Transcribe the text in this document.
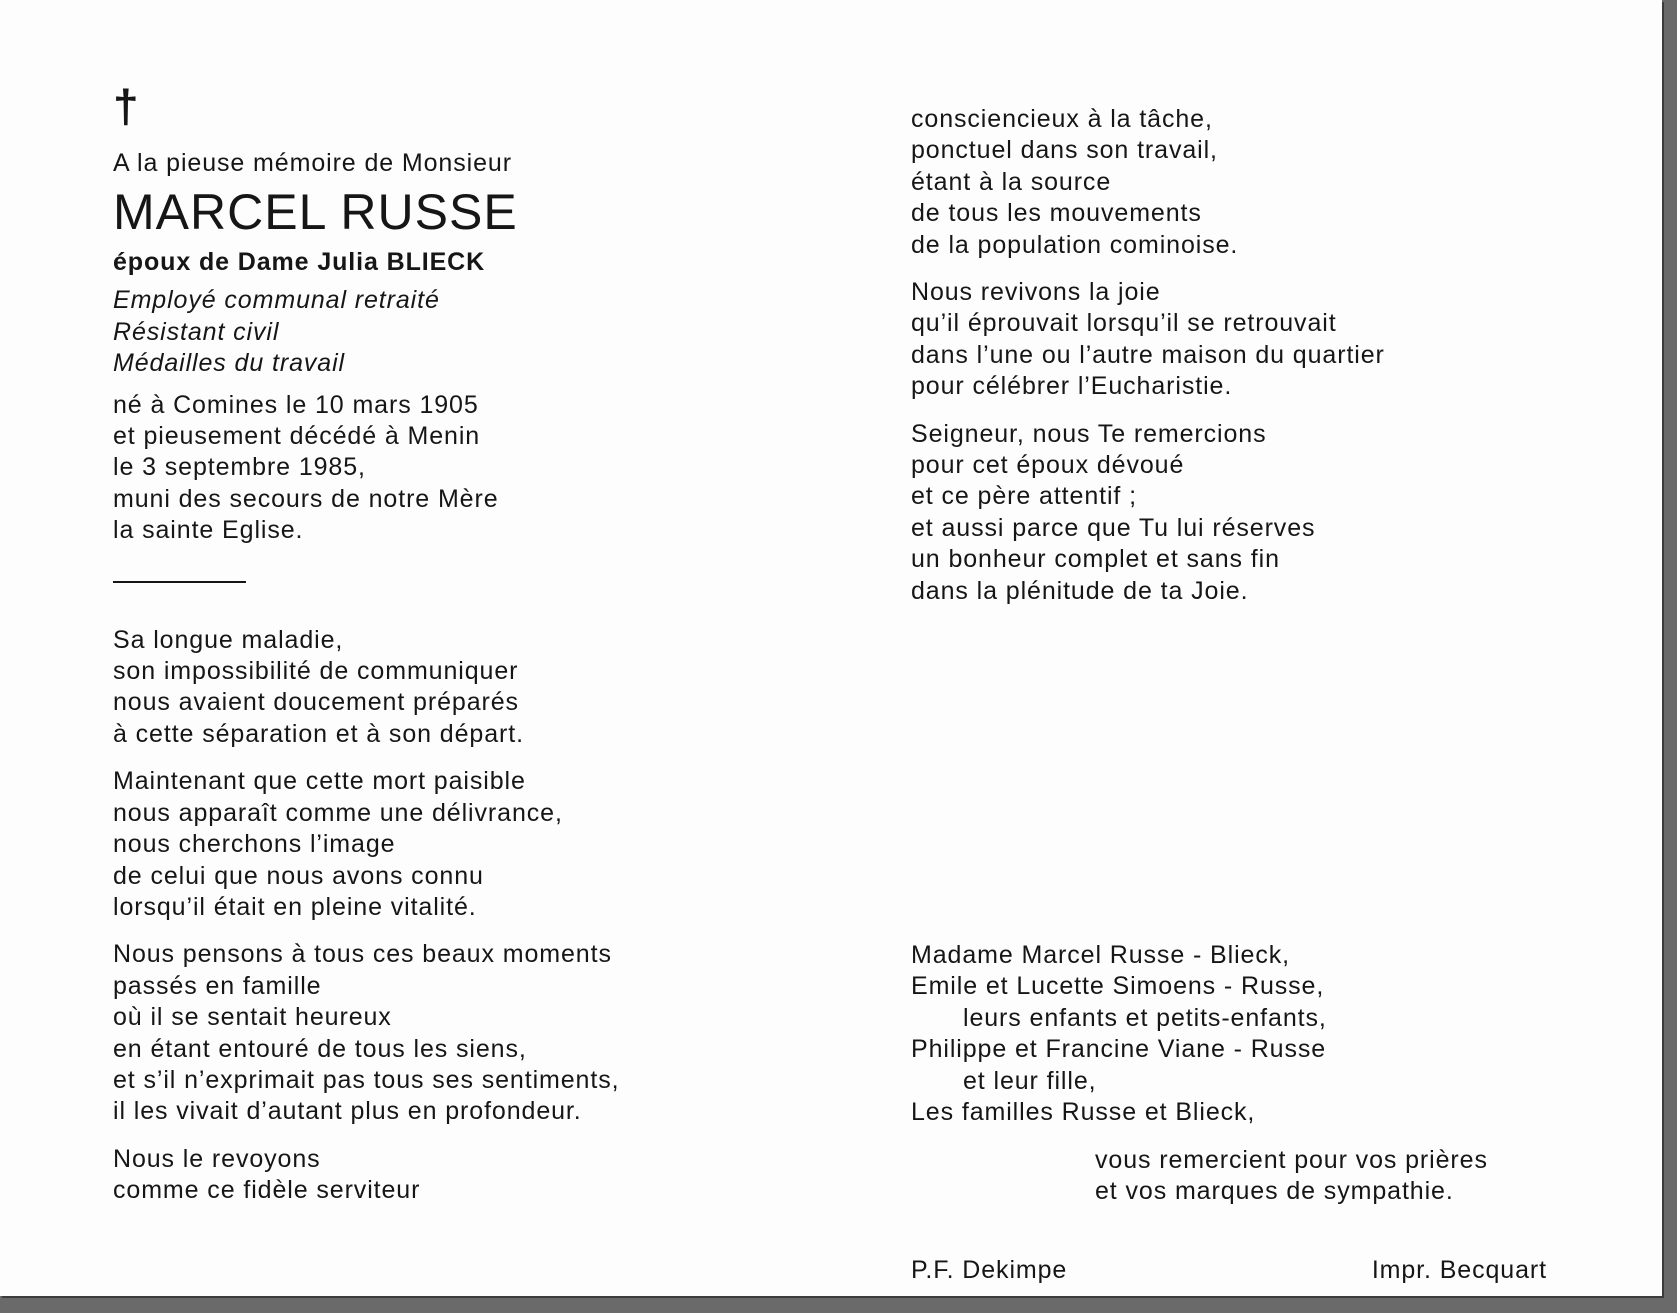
†
A la pieuse mémoire de Monsieur
MARCEL RUSSE
époux de Dame Julia BLIECK
Employé communal retraité
Résistant civil
Médailles du travail
né à Comines le 10 mars 1905
et pieusement décédé à Menin
le 3 septembre 1985,
muni des secours de notre Mère
la sainte Eglise.
Sa longue maladie,
son impossibilité de communiquer
nous avaient doucement préparés
à cette séparation et à son départ.
Maintenant que cette mort paisible
nous apparaît comme une délivrance,
nous cherchons l’image
de celui que nous avons connu
lorsqu’il était en pleine vitalité.
Nous pensons à tous ces beaux moments
passés en famille
où il se sentait heureux
en étant entouré de tous les siens,
et s’il n’exprimait pas tous ses sentiments,
il les vivait d’autant plus en profondeur.
Nous le revoyons
comme ce fidèle serviteur
consciencieux à la tâche,
ponctuel dans son travail,
étant à la source
de tous les mouvements
de la population cominoise.
Nous revivons la joie
qu’il éprouvait lorsqu’il se retrouvait
dans l’une ou l’autre maison du quartier
pour célébrer l’Eucharistie.
Seigneur, nous Te remercions
pour cet époux dévoué
et ce père attentif ;
et aussi parce que Tu lui réserves
un bonheur complet et sans fin
dans la plénitude de ta Joie.
Madame Marcel Russe - Blieck,
Emile et Lucette Simoens - Russe,
leurs enfants et petits-enfants,
Philippe et Francine Viane - Russe
et leur fille,
Les familles Russe et Blieck,
vous remercient pour vos prières
et vos marques de sympathie.
P.F. Dekimpe	Impr. Becquart
